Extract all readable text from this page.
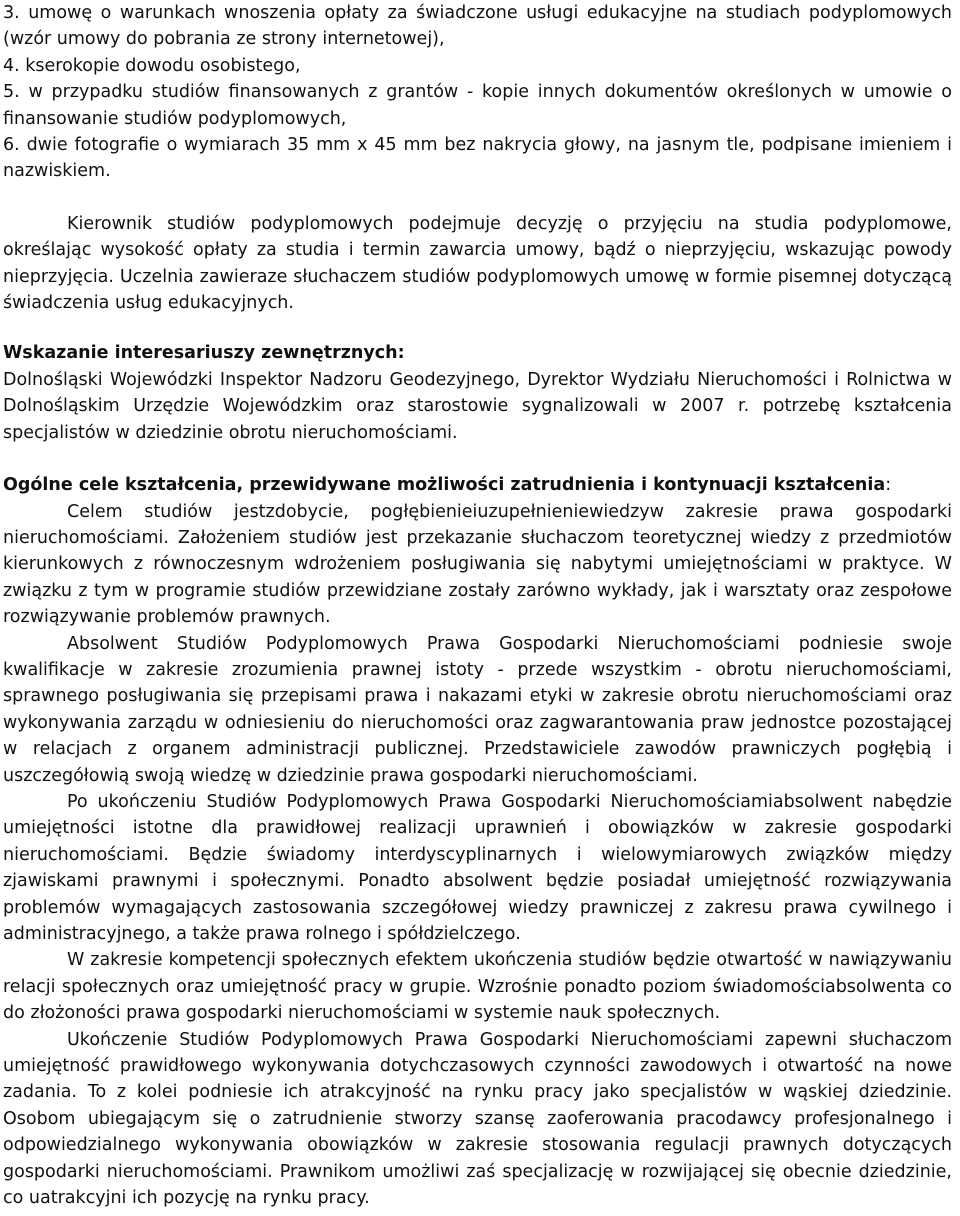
3. umowę o warunkach wnoszenia opłaty za świadczone usługi edukacyjne na studiach podyplomowych (wzór umowy do pobrania ze strony internetowej),

4. kserokopie dowodu osobistego,

5. w przypadku studiów finansowanych z grantów - kopie innych dokumentów określonych w umowie o finansowanie studiów podyplomowych,

6. dwie fotografie o wymiarach 35 mm x 45 mm bez nakrycia głowy, na jasnym tle, podpisane imieniem i nazwiskiem.

Kierownik studiów podyplomowych podejmuje decyzję o przyjęciu na studia podyplomowe, określając wysokość opłaty za studia i termin zawarcia umowy, bądź o nieprzyjęciu, wskazując powody nieprzyjęcia. Uczelnia zawieraze słuchaczem studiów podyplomowych umowę w formie pisemnej dotyczącą świadczenia usług edukacyjnych.

Wskazanie interesariuszy zewnętrznych:

Dolnośląski Wojewódzki Inspektor Nadzoru Geodezyjnego, Dyrektor Wydziału Nieruchomości i Rolnictwa w Dolnośląskim Urzędzie Wojewódzkim oraz starostowie sygnalizowali w 2007 r. potrzebę kształcenia specjalistów w dziedzinie obrotu nieruchomościami.

Ogólne cele kształcenia, przewidywane możliwości zatrudnienia i kontynuacji kształcenia:

Celem studiów jestzdobycie, pogłębienieiuzupełnieniewiedzyw zakresie prawa gospodarki nieruchomościami. Założeniem studiów jest przekazanie słuchaczom teoretycznej wiedzy z przedmiotów kierunkowych z równoczesnym wdrożeniem posługiwania się nabytymi umiejętnościami w praktyce. W związku z tym w programie studiów przewidziane zostały zarówno wykłady, jak i warsztaty oraz zespołowe rozwiązywanie problemów prawnych.

Absolwent Studiów Podyplomowych Prawa Gospodarki Nieruchomościami podniesie swoje kwalifikacje w zakresie zrozumienia prawnej istoty - przede wszystkim - obrotu nieruchomościami, sprawnego posługiwania się przepisami prawa i nakazami etyki w zakresie obrotu nieruchomościami oraz wykonywania zarządu w odniesieniu do nieruchomości oraz zagwarantowania praw jednostce pozostającej w relacjach z organem administracji publicznej. Przedstawiciele zawodów prawniczych pogłębią i uszczegółowią swoją wiedzę w dziedzinie prawa gospodarki nieruchomościami.

Po ukończeniu Studiów Podyplomowych Prawa Gospodarki Nieruchomościamiabsolwent nabędzie umiejętności istotne dla prawidłowej realizacji uprawnień i obowiązków w zakresie gospodarki nieruchomościami. Będzie świadomy interdyscyplinarnych i wielowymiarowych związków między zjawiskami prawnymi i społecznymi. Ponadto absolwent będzie posiadał umiejętność rozwiązywania problemów wymagających zastosowania szczegółowej wiedzy prawniczej z zakresu prawa cywilnego i administracyjnego, a także prawa rolnego i spółdzielczego.

W zakresie kompetencji społecznych efektem ukończenia studiów będzie otwartość w nawiązywaniu relacji społecznych oraz umiejętność pracy w grupie. Wzrośnie ponadto poziom świadomościabsolwenta co do złożoności prawa gospodarki nieruchomościami w systemie nauk społecznych.

Ukończenie Studiów Podyplomowych Prawa Gospodarki Nieruchomościami zapewni słuchaczom umiejętność prawidłowego wykonywania dotychczasowych czynności zawodowych i otwartość na nowe zadania. To z kolei podniesie ich atrakcyjność na rynku pracy jako specjalistów w wąskiej dziedzinie. Osobom ubiegającym się o zatrudnienie stworzy szansę zaoferowania pracodawcy profesjonalnego i odpowiedzialnego wykonywania obowiązków w zakresie stosowania regulacji prawnych dotyczących gospodarki nieruchomościami. Prawnikom umożliwi zaś specjalizację w rozwijającej się obecnie dziedzinie, co uatrakcyjni ich pozycję na rynku pracy.
